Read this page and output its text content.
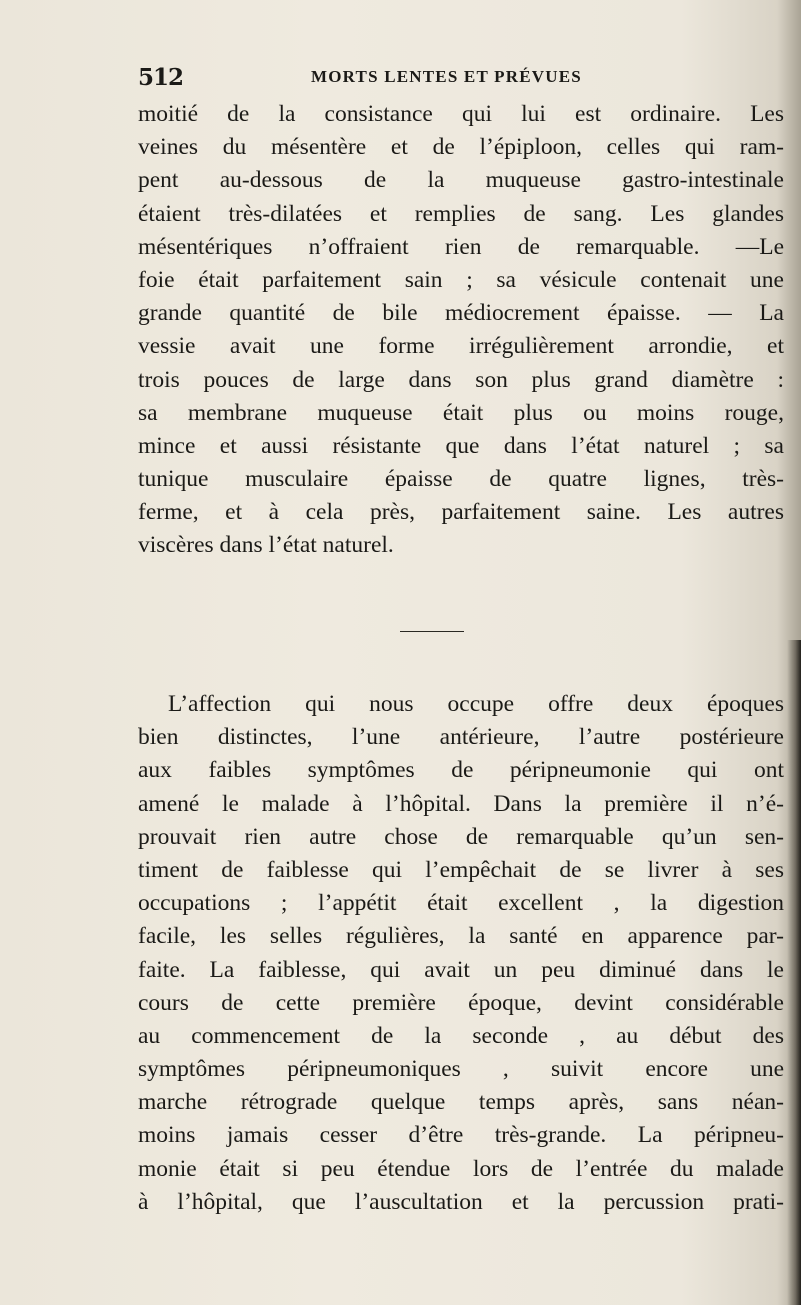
512	MORTS LENTES ET PRÉVUES
moitié de la consistance qui lui est ordinaire. Les
veines du mésentère et de l’épiploon, celles qui ram-
pent au-dessous de la muqueuse gastro-intestinale
étaient très-dilatées et remplies de sang. Les glandes
mésentériques n’offraient rien de remarquable. —Le
foie était parfaitement sain ; sa vésicule contenait une
grande quantité de bile médiocrement épaisse. — La
vessie avait une forme irrégulièrement arrondie, et
trois pouces de large dans son plus grand diamètre :
sa membrane muqueuse était plus ou moins rouge,
mince et aussi résistante que dans l’état naturel ; sa
tunique musculaire épaisse de quatre lignes, très-
ferme, et à cela près, parfaitement saine. Les autres
viscères dans l’état naturel.
L’affection qui nous occupe offre deux époques
bien distinctes, l’une antérieure, l’autre postérieure
aux faibles symptômes de péripneumonie qui ont
amené le malade à l’hôpital. Dans la première il n’é-
prouvait rien autre chose de remarquable qu’un sen-
timent de faiblesse qui l’empêchait de se livrer à ses
occupations ; l’appétit était excellent , la digestion
facile, les selles régulières, la santé en apparence par-
faite. La faiblesse, qui avait un peu diminué dans le
cours de cette première époque, devint considérable
au commencement de la seconde , au début des
symptômes péripneumoniques , suivit encore une
marche rétrograde quelque temps après, sans néan-
moins jamais cesser d’être très-grande. La péripneu-
monie était si peu étendue lors de l’entrée du malade
à l’hôpital, que l’auscultation et la percussion prati-
